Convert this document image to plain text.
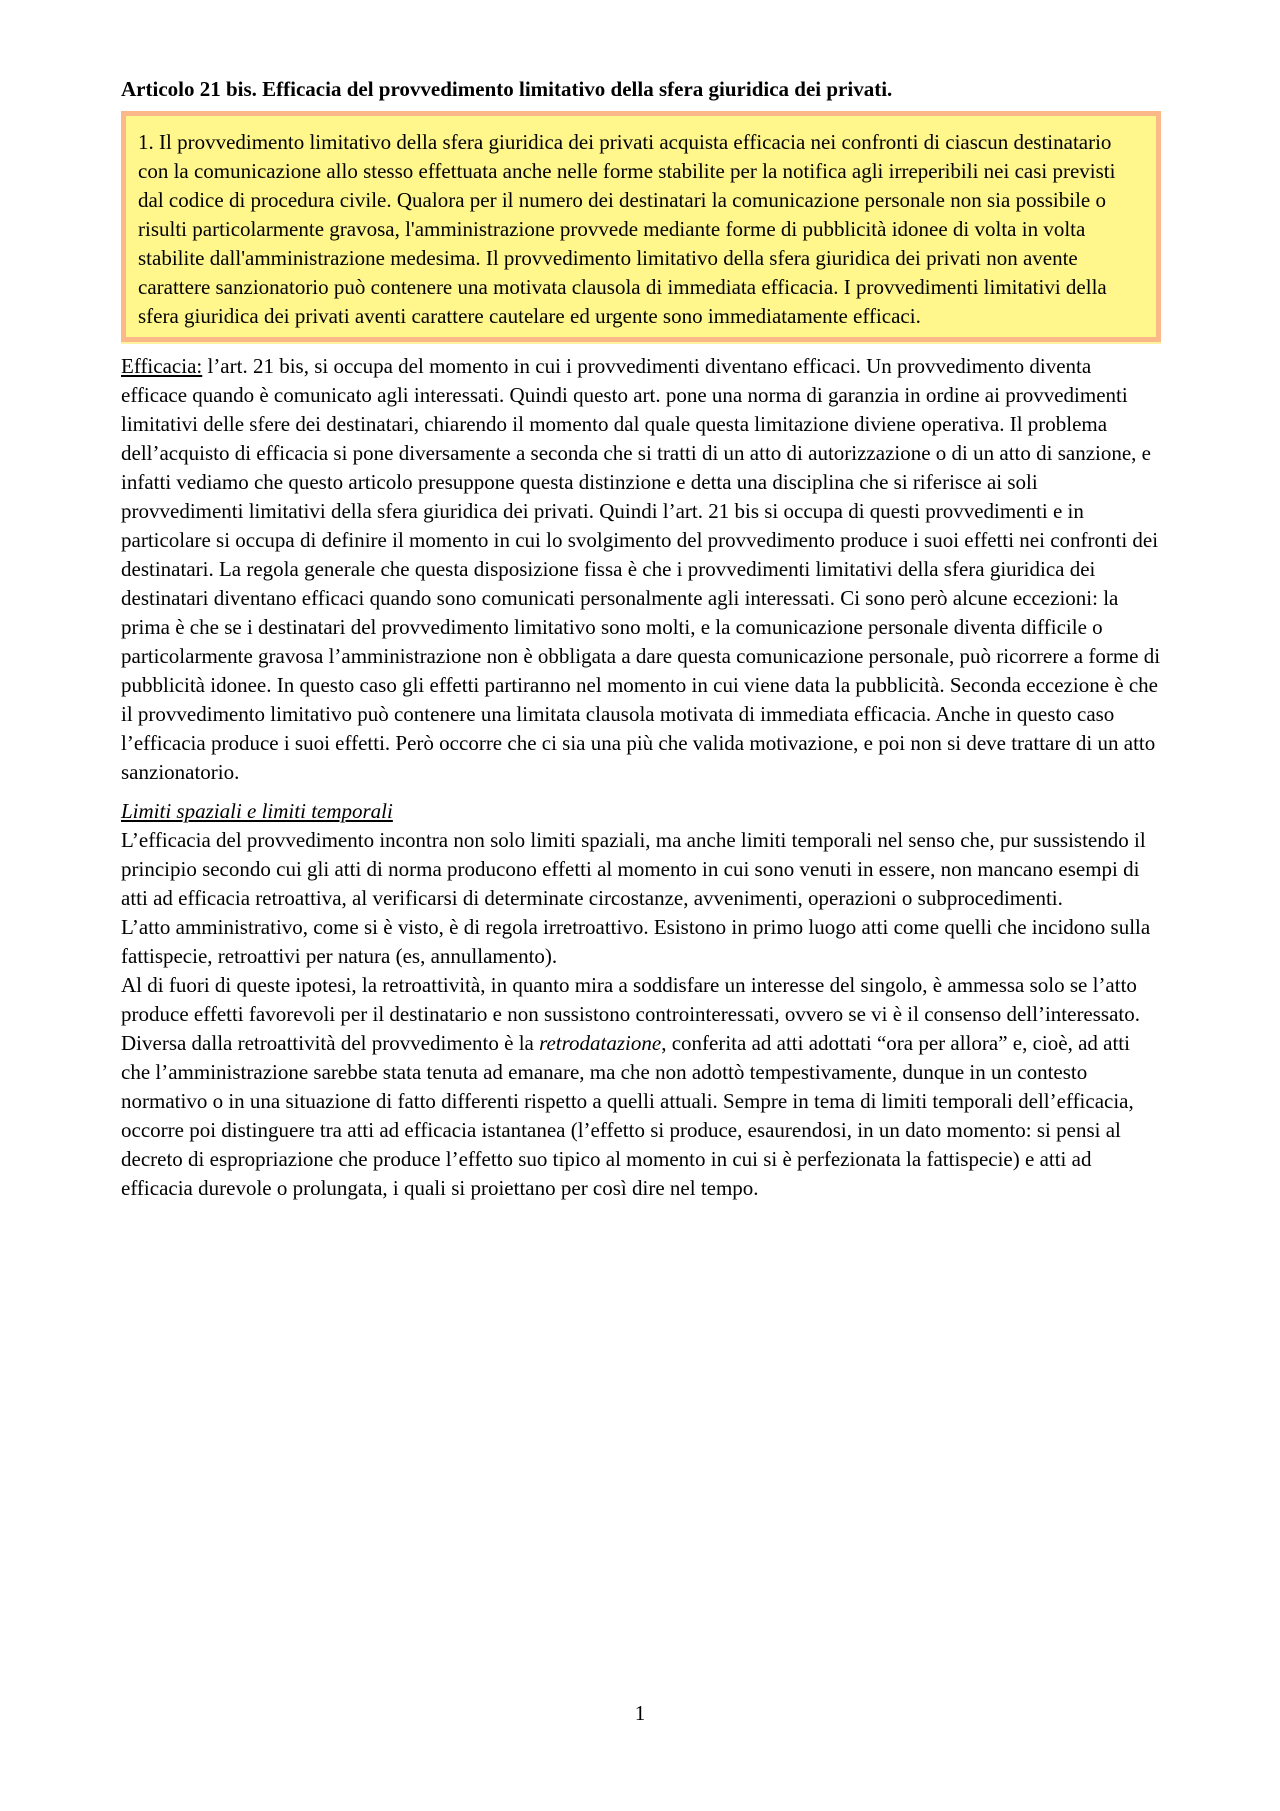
Articolo 21 bis. Efficacia del provvedimento limitativo della sfera giuridica dei privati.
1. Il provvedimento limitativo della sfera giuridica dei privati acquista efficacia nei confronti di ciascun destinatario con la comunicazione allo stesso effettuata anche nelle forme stabilite per la notifica agli irreperibili nei casi previsti dal codice di procedura civile. Qualora per il numero dei destinatari la comunicazione personale non sia possibile o risulti particolarmente gravosa, l'amministrazione provvede mediante forme di pubblicità idonee di volta in volta stabilite dall'amministrazione medesima. Il provvedimento limitativo della sfera giuridica dei privati non avente carattere sanzionatorio può contenere una motivata clausola di immediata efficacia. I provvedimenti limitativi della sfera giuridica dei privati aventi carattere cautelare ed urgente sono immediatamente efficaci.

Efficacia: l’art. 21 bis, si occupa del momento in cui i provvedimenti diventano efficaci. Un provvedimento diventa efficace quando è comunicato agli interessati. Quindi questo art. pone una norma di garanzia in ordine ai provvedimenti limitativi delle sfere dei destinatari, chiarendo il momento dal quale questa limitazione diviene operativa. Il problema dell’acquisto di efficacia si pone diversamente a seconda che si tratti di un atto di autorizzazione o di un atto di sanzione, e infatti vediamo che questo articolo presuppone questa distinzione e detta una disciplina che si riferisce ai soli provvedimenti limitativi della sfera giuridica dei privati. Quindi l’art. 21 bis si occupa di questi provvedimenti e in particolare si occupa di definire il momento in cui lo svolgimento del provvedimento produce i suoi effetti nei confronti dei destinatari. La regola generale che questa disposizione fissa è che i provvedimenti limitativi della sfera giuridica dei destinatari diventano efficaci quando sono comunicati personalmente agli interessati. Ci sono però alcune eccezioni: la prima è che se i destinatari del provvedimento limitativo sono molti, e la comunicazione personale diventa difficile o particolarmente gravosa l’amministrazione non è obbligata a dare questa comunicazione personale, può ricorrere a forme di pubblicità idonee. In questo caso gli effetti partiranno nel momento in cui viene data la pubblicità. Seconda eccezione è che il provvedimento limitativo può contenere una limitata clausola motivata di immediata efficacia. Anche in questo caso l’efficacia produce i suoi effetti. Però occorre che ci sia una più che valida motivazione, e poi non si deve trattare di un atto sanzionatorio.

Limiti spaziali e limiti temporali

L’efficacia del provvedimento incontra non solo limiti spaziali, ma anche limiti temporali nel senso che, pur sussistendo il principio secondo cui gli atti di norma producono effetti al momento in cui sono venuti in essere, non mancano esempi di atti ad efficacia retroattiva, al verificarsi di determinate circostanze, avvenimenti, operazioni o subprocedimenti.

L’atto amministrativo, come si è visto, è di regola irretroattivo. Esistono in primo luogo atti come quelli che incidono sulla fattispecie, retroattivi per natura (es, annullamento).

Al di fuori di queste ipotesi, la retroattività, in quanto mira a soddisfare un interesse del singolo, è ammessa solo se l’atto produce effetti favorevoli per il destinatario e non sussistono controinteressati, ovvero se vi è il consenso dell’interessato.

Diversa dalla retroattività del provvedimento è la retrodatazione, conferita ad atti adottati “ora per allora” e, cioè, ad atti che l’amministrazione sarebbe stata tenuta ad emanare, ma che non adottò tempestivamente, dunque in un contesto normativo o in una situazione di fatto differenti rispetto a quelli attuali. Sempre in tema di limiti temporali dell’efficacia, occorre poi distinguere tra atti ad efficacia istantanea (l’effetto si produce, esaurendosi, in un dato momento: si pensi al decreto di espropriazione che produce l’effetto suo tipico al momento in cui si è perfezionata la fattispecie) e atti ad efficacia durevole o prolungata, i quali si proiettano per così dire nel tempo.

1
